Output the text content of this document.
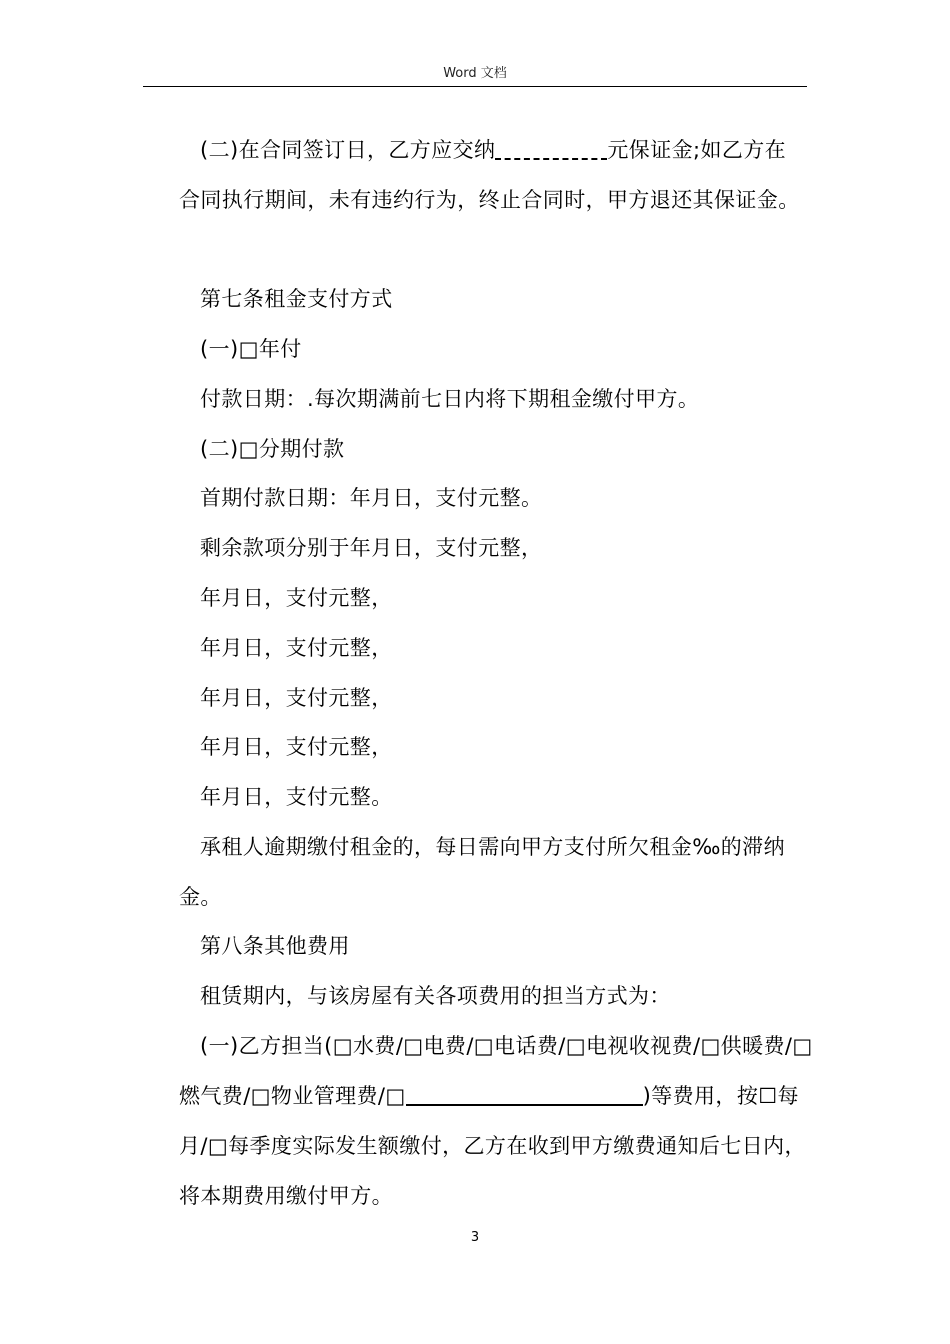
Word 文档
(二)在合同签订日，乙方应交纳	元保证金;如乙方在
合同执行期间，未有违约行为，终止合同时，甲方退还其保证金。
第七条租金支付方式
(一)□年付
付款日期：.每次期满前七日内将下期租金缴付甲方。
(二)□分期付款
首期付款日期：年月日，支付元整。
剩余款项分别于年月日，支付元整，
年月日，支付元整，
年月日，支付元整，
年月日，支付元整，
年月日，支付元整，
年月日，支付元整。
承租人逾期缴付租金的，每日需向甲方支付所欠租金‰的滞纳
金。
第八条其他费用
租赁期内，与该房屋有关各项费用的担当方式为：
(一)乙方担当(□水费/□电费/□电话费/□电视收视费/□供暖费/□
燃气费/□物业管理费/□	)等费用，按☐每
月/□每季度实际发生额缴付，乙方在收到甲方缴费通知后七日内，
将本期费用缴付甲方。
3
